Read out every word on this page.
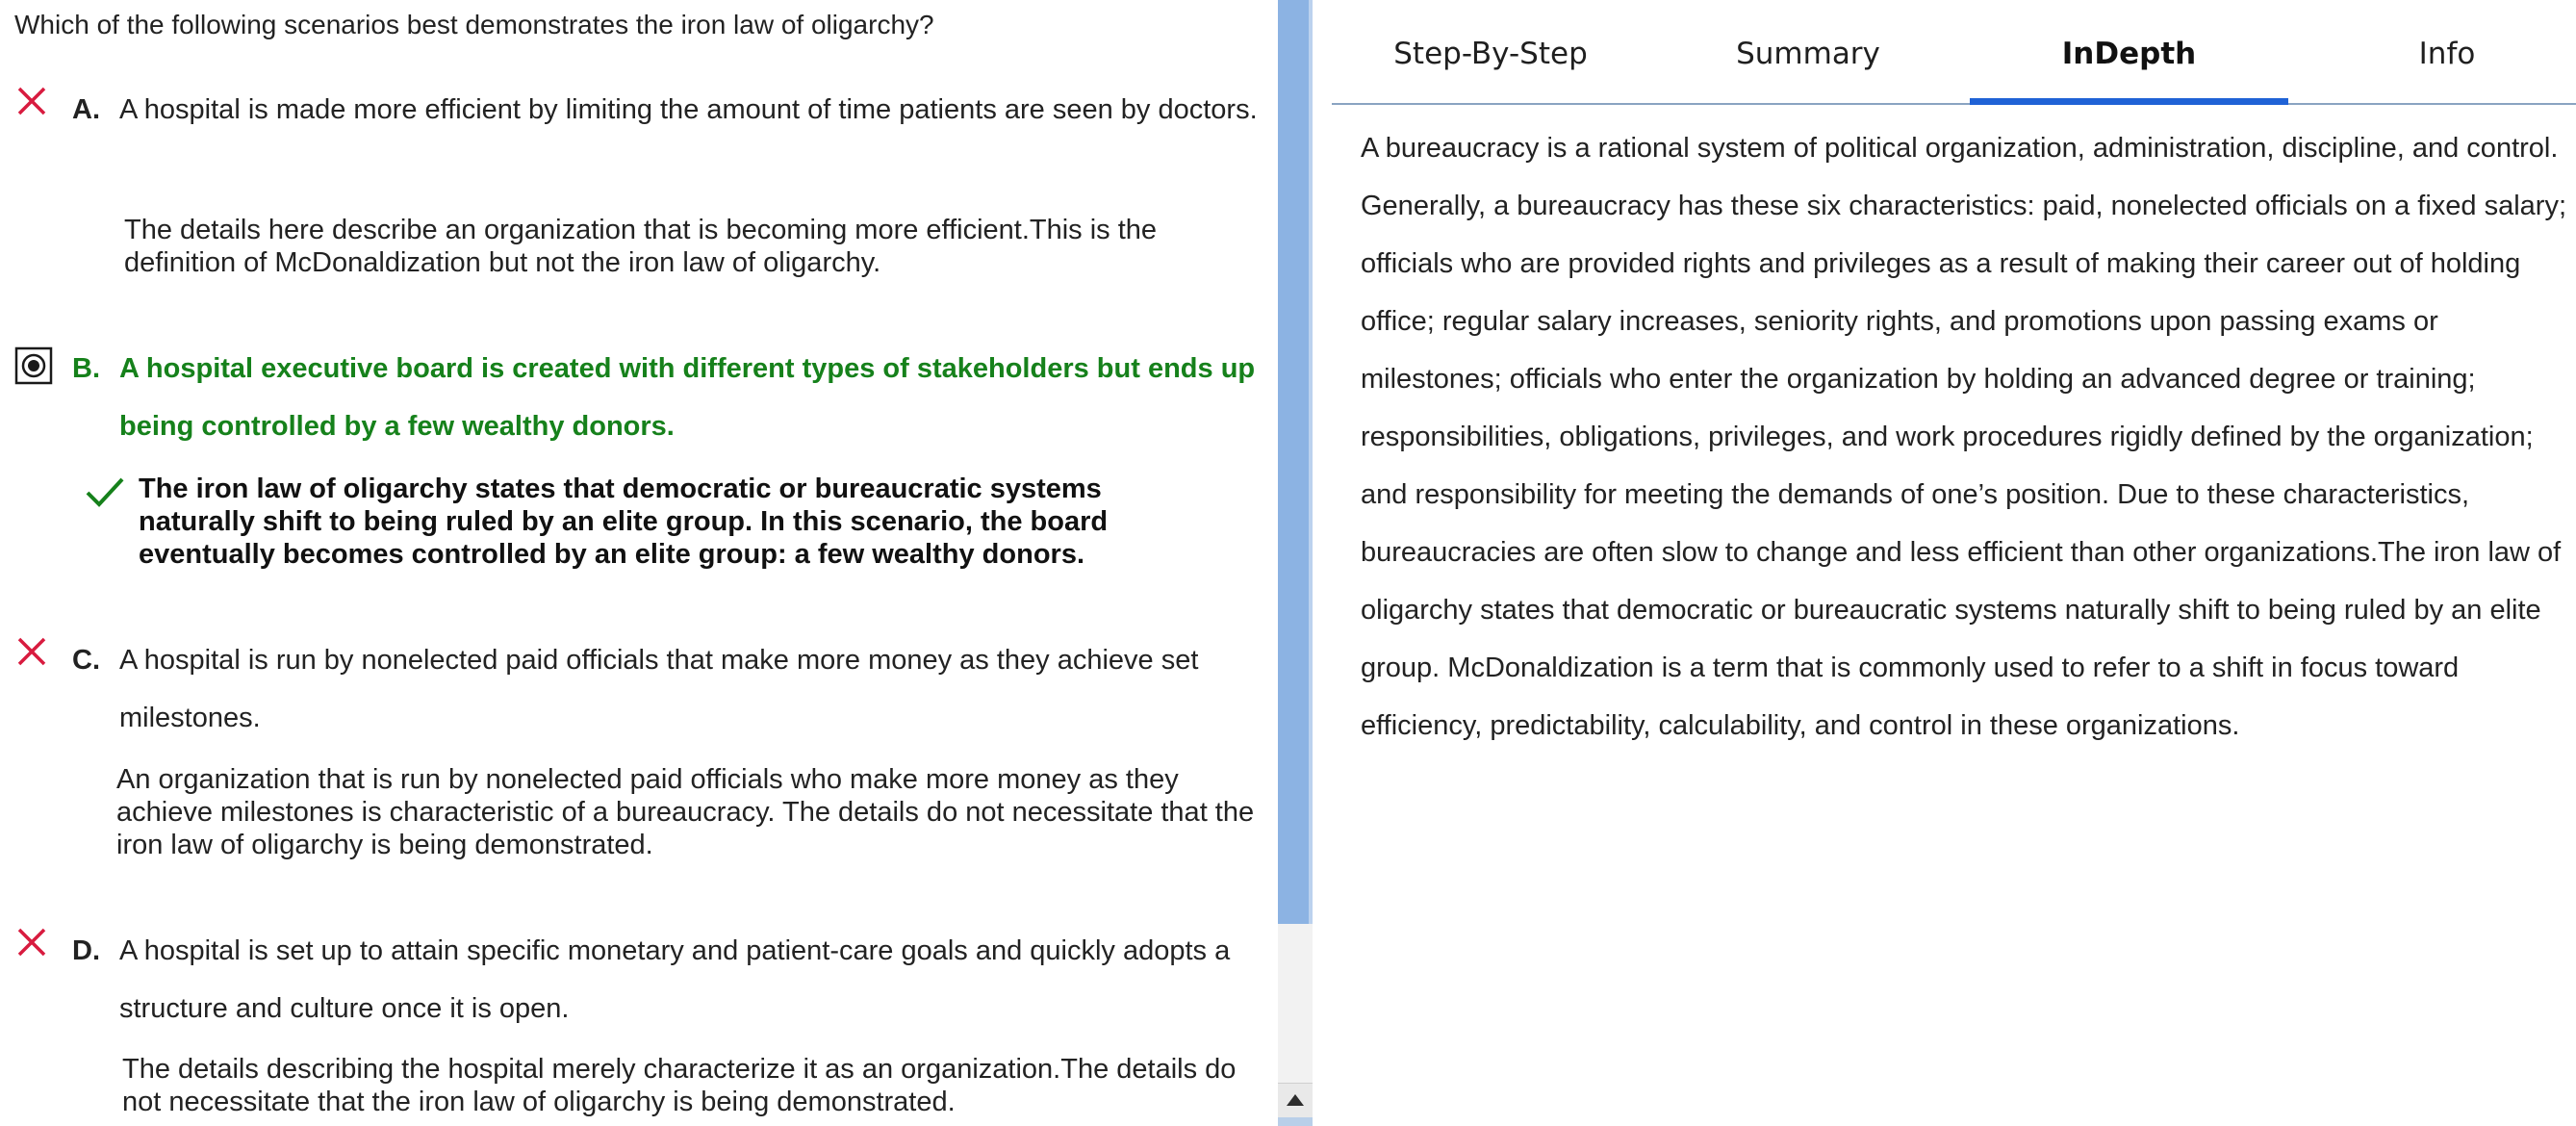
Which of the following scenarios best demonstrates the iron law of oligarchy?
A. A hospital is made more efficient by limiting the amount of time patients are seen by doctors.
The details here describe an organization that is becoming more efficient.This is the definition of McDonaldization but not the iron law of oligarchy.
B. A hospital executive board is created with different types of stakeholders but ends up being controlled by a few wealthy donors.
The iron law of oligarchy states that democratic or bureaucratic systems naturally shift to being ruled by an elite group. In this scenario, the board eventually becomes controlled by an elite group: a few wealthy donors.
C. A hospital is run by nonelected paid officials that make more money as they achieve set milestones.
An organization that is run by nonelected paid officials who make more money as they achieve milestones is characteristic of a bureaucracy. The details do not necessitate that the iron law of oligarchy is being demonstrated.
D. A hospital is set up to attain specific monetary and patient-care goals and quickly adopts a structure and culture once it is open.
The details describing the hospital merely characterize it as an organization.The details do not necessitate that the iron law of oligarchy is being demonstrated.
Step-By-Step	Summary	InDepth	Info
A bureaucracy is a rational system of political organization, administration, discipline, and control. Generally, a bureaucracy has these six characteristics: paid, nonelected officials on a fixed salary; officials who are provided rights and privileges as a result of making their career out of holding office; regular salary increases, seniority rights, and promotions upon passing exams or milestones; officials who enter the organization by holding an advanced degree or training; responsibilities, obligations, privileges, and work procedures rigidly defined by the organization; and responsibility for meeting the demands of one’s position. Due to these characteristics, bureaucracies are often slow to change and less efficient than other organizations.The iron law of oligarchy states that democratic or bureaucratic systems naturally shift to being ruled by an elite group. McDonaldization is a term that is commonly used to refer to a shift in focus toward efficiency, predictability, calculability, and control in these organizations.
